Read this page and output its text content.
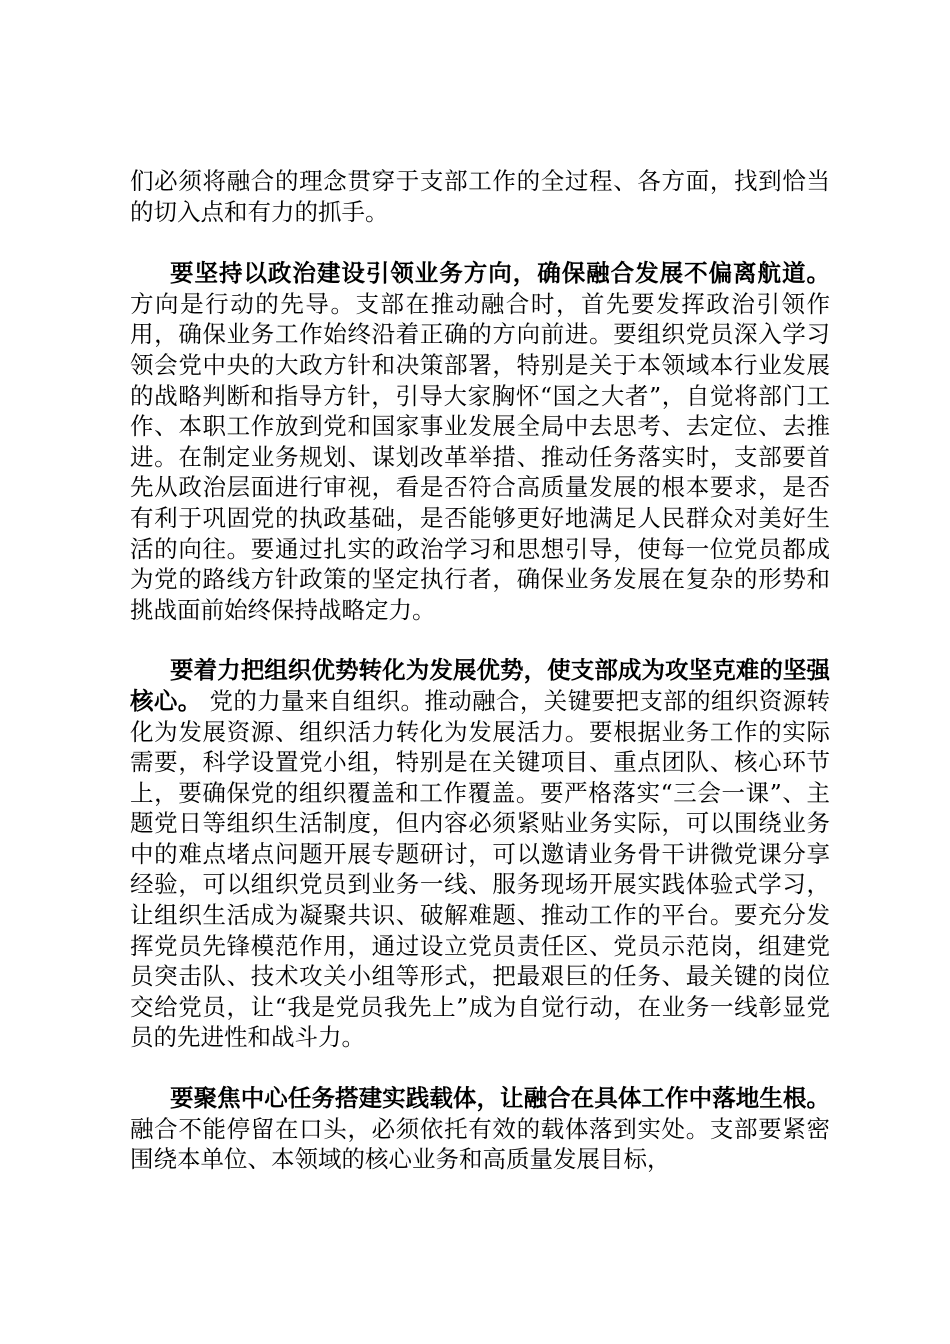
们必须将融合的理念贯穿于支部工作的全过程、各方面，找到恰当的切入点和有力的抓手。

要坚持以政治建设引领业务方向，确保融合发展不偏离航道。 方向是行动的先导。支部在推动融合时，首先要发挥政治引领作用，确保业务工作始终沿着正确的方向前进。要组织党员深入学习领会党中央的大政方针和决策部署，特别是关于本领域本行业发展的战略判断和指导方针，引导大家胸怀“国之大者”，自觉将部门工作、本职工作放到党和国家事业发展全局中去思考、去定位、去推进。在制定业务规划、谋划改革举措、推动任务落实时，支部要首先从政治层面进行审视，看是否符合高质量发展的根本要求，是否有利于巩固党的执政基础，是否能够更好地满足人民群众对美好生活的向往。要通过扎实的政治学习和思想引导，使每一位党员都成为党的路线方针政策的坚定执行者，确保业务发展在复杂的形势和挑战面前始终保持战略定力。

要着力把组织优势转化为发展优势，使支部成为攻坚克难的坚强核心。 党的力量来自组织。推动融合，关键要把支部的组织资源转化为发展资源、组织活力转化为发展活力。要根据业务工作的实际需要，科学设置党小组，特别是在关键项目、重点团队、核心环节上，要确保党的组织覆盖和工作覆盖。要严格落实“三会一课”、主题党日等组织生活制度，但内容必须紧贴业务实际，可以围绕业务中的难点堵点问题开展专题研讨，可以邀请业务骨干讲微党课分享经验，可以组织党员到业务一线、服务现场开展实践体验式学习，让组织生活成为凝聚共识、破解难题、推动工作的平台。要充分发挥党员先锋模范作用，通过设立党员责任区、党员示范岗，组建党员突击队、技术攻关小组等形式，把最艰巨的任务、最关键的岗位交给党员，让“我是党员我先上”成为自觉行动，在业务一线彰显党员的先进性和战斗力。

要聚焦中心任务搭建实践载体，让融合在具体工作中落地生根。 融合不能停留在口头，必须依托有效的载体落到实处。支部要紧密围绕本单位、本领域的核心业务和高质量发展目标，
